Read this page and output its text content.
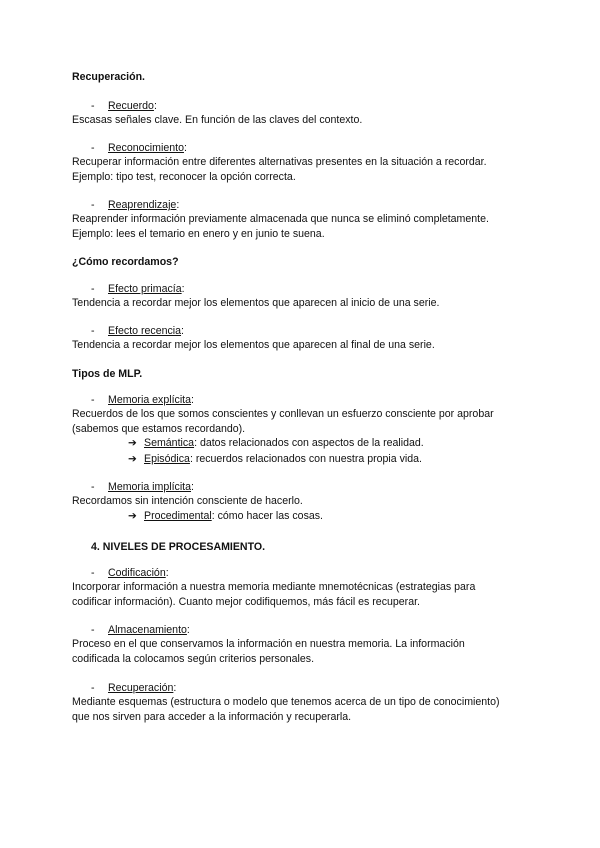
Recuperación.
- Recuerdo:
Escasas señales clave. En función de las claves del contexto.
- Reconocimiento:
Recuperar información entre diferentes alternativas presentes en la situación a recordar.
Ejemplo: tipo test, reconocer la opción correcta.
- Reaprendizaje:
Reaprender información previamente almacenada que nunca se eliminó completamente.
Ejemplo: lees el temario en enero y en junio te suena.
¿Cómo recordamos?
- Efecto primacía:
Tendencia a recordar mejor los elementos que aparecen al inicio de una serie.
- Efecto recencia:
Tendencia a recordar mejor los elementos que aparecen al final de una serie.
Tipos de MLP.
- Memoria explícita:
Recuerdos de los que somos conscientes y conllevan un esfuerzo consciente por aprobar
(sabemos que estamos recordando).
➔ Semántica: datos relacionados con aspectos de la realidad.
➔ Episódica: recuerdos relacionados con nuestra propia vida.
- Memoria implícita:
Recordamos sin intención consciente de hacerlo.
➔ Procedimental: cómo hacer las cosas.
4. NIVELES DE PROCESAMIENTO.
- Codificación:
Incorporar información a nuestra memoria mediante mnemotécnicas (estrategias para
codificar información). Cuanto mejor codifiquemos, más fácil es recuperar.
- Almacenamiento:
Proceso en el que conservamos la información en nuestra memoria. La información
codificada la colocamos según criterios personales.
- Recuperación:
Mediante esquemas (estructura o modelo que tenemos acerca de un tipo de conocimiento)
que nos sirven para acceder a la información y recuperarla.
